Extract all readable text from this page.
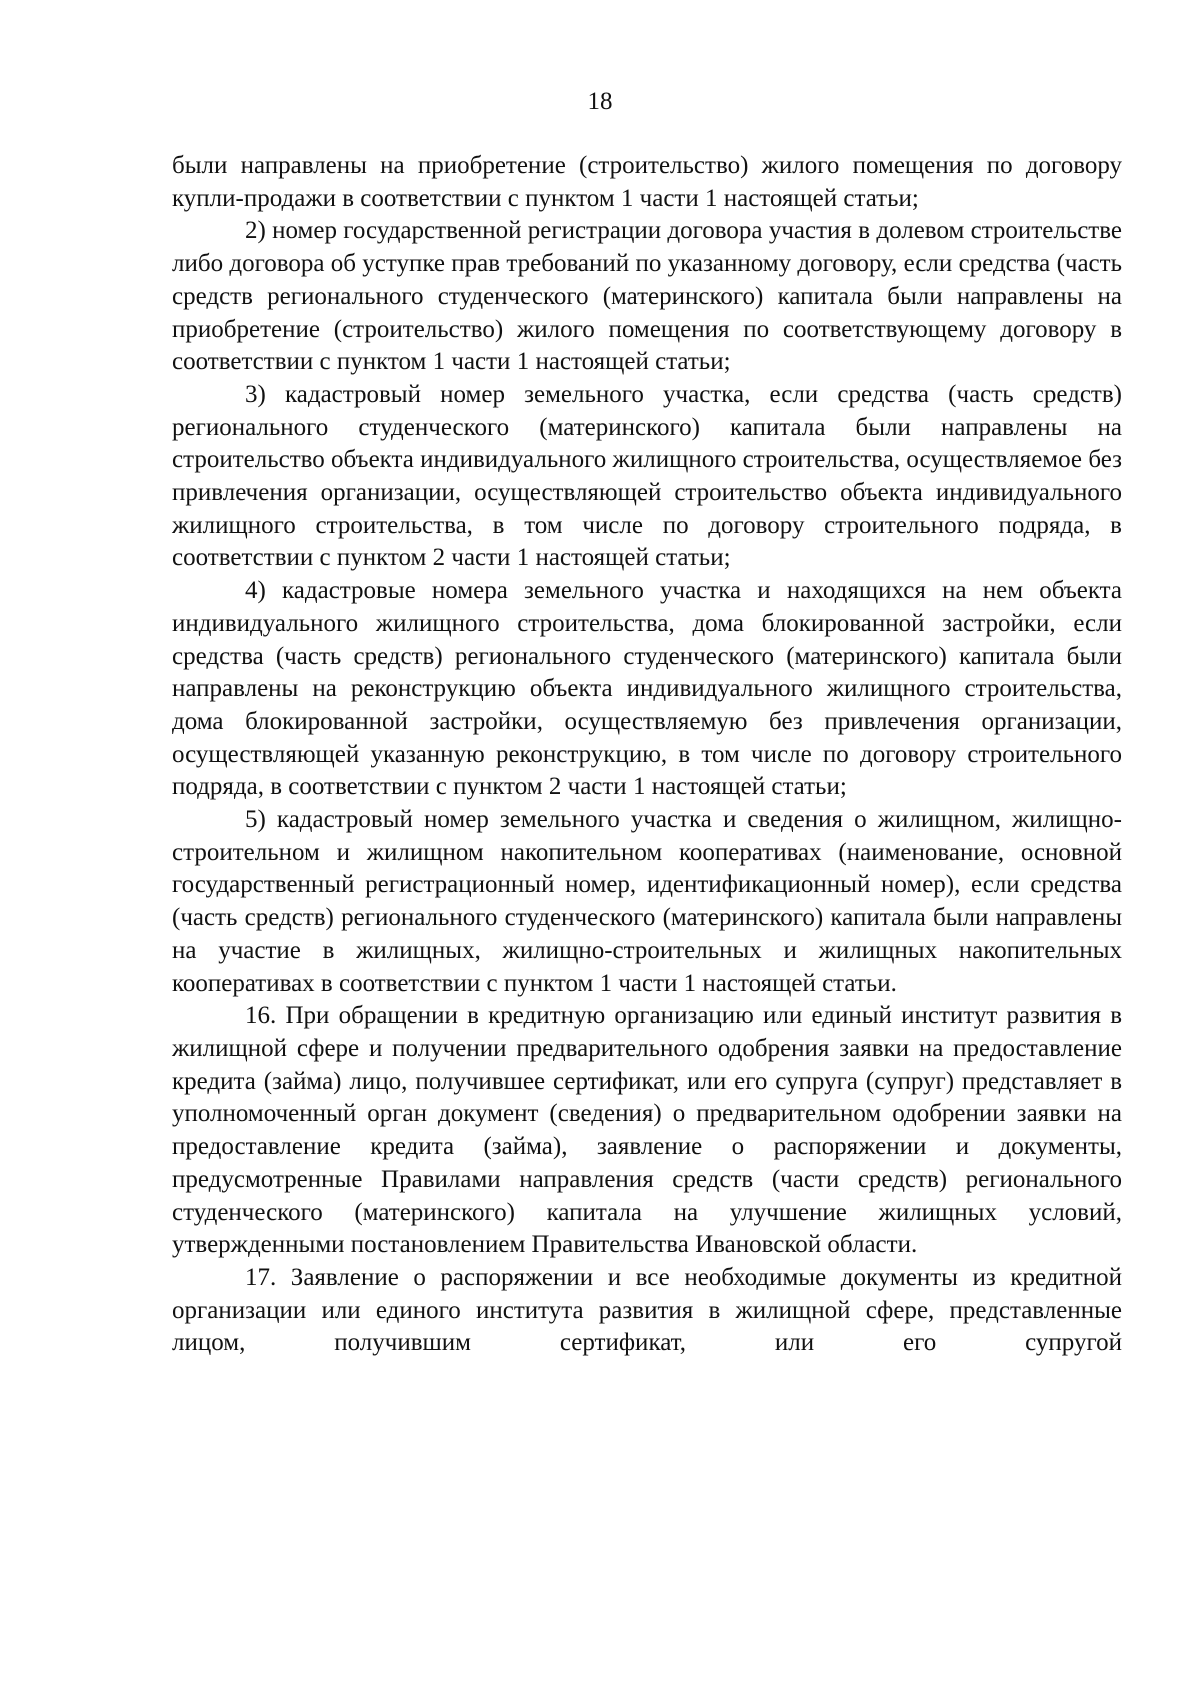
18

были направлены на приобретение (строительство) жилого помещения по договору купли-продажи в соответствии с пунктом 1 части 1 настоящей статьи;

2) номер государственной регистрации договора участия в долевом строительстве либо договора об уступке прав требований по указанному договору, если средства (часть средств регионального студенческого (материнского) капитала были направлены на приобретение (строительство) жилого помещения по соответствующему договору в соответствии с пунктом 1 части 1 настоящей статьи;

3) кадастровый номер земельного участка, если средства (часть средств) регионального студенческого (материнского) капитала были направлены на строительство объекта индивидуального жилищного строительства, осуществляемое без привлечения организации, осуществляющей строительство объекта индивидуального жилищного строительства, в том числе по договору строительного подряда, в соответствии с пунктом 2 части 1 настоящей статьи;

4) кадастровые номера земельного участка и находящихся на нем объекта индивидуального жилищного строительства, дома блокированной застройки, если средства (часть средств) регионального студенческого (материнского) капитала были направлены на реконструкцию объекта индивидуального жилищного строительства, дома блокированной застройки, осуществляемую без привлечения организации, осуществляющей указанную реконструкцию, в том числе по договору строительного подряда, в соответствии с пунктом 2 части 1 настоящей статьи;

5) кадастровый номер земельного участка и сведения о жилищном, жилищно-строительном и жилищном накопительном кооперативах (наименование, основной государственный регистрационный номер, идентификационный номер), если средства (часть средств) регионального студенческого (материнского) капитала были направлены на участие в жилищных, жилищно-строительных и жилищных накопительных кооперативах в соответствии с пунктом 1 части 1 настоящей статьи.

16. При обращении в кредитную организацию или единый институт развития в жилищной сфере и получении предварительного одобрения заявки на предоставление кредита (займа) лицо, получившее сертификат, или его супруга (супруг) представляет в уполномоченный орган документ (сведения) о предварительном одобрении заявки на предоставление кредита (займа), заявление о распоряжении и документы, предусмотренные Правилами направления средств (части средств) регионального студенческого (материнского) капитала на улучшение жилищных условий, утвержденными постановлением Правительства Ивановской области.

17. Заявление о распоряжении и все необходимые документы из кредитной организации или единого института развития в жилищной сфере, представленные лицом, получившим сертификат, или его супругой
